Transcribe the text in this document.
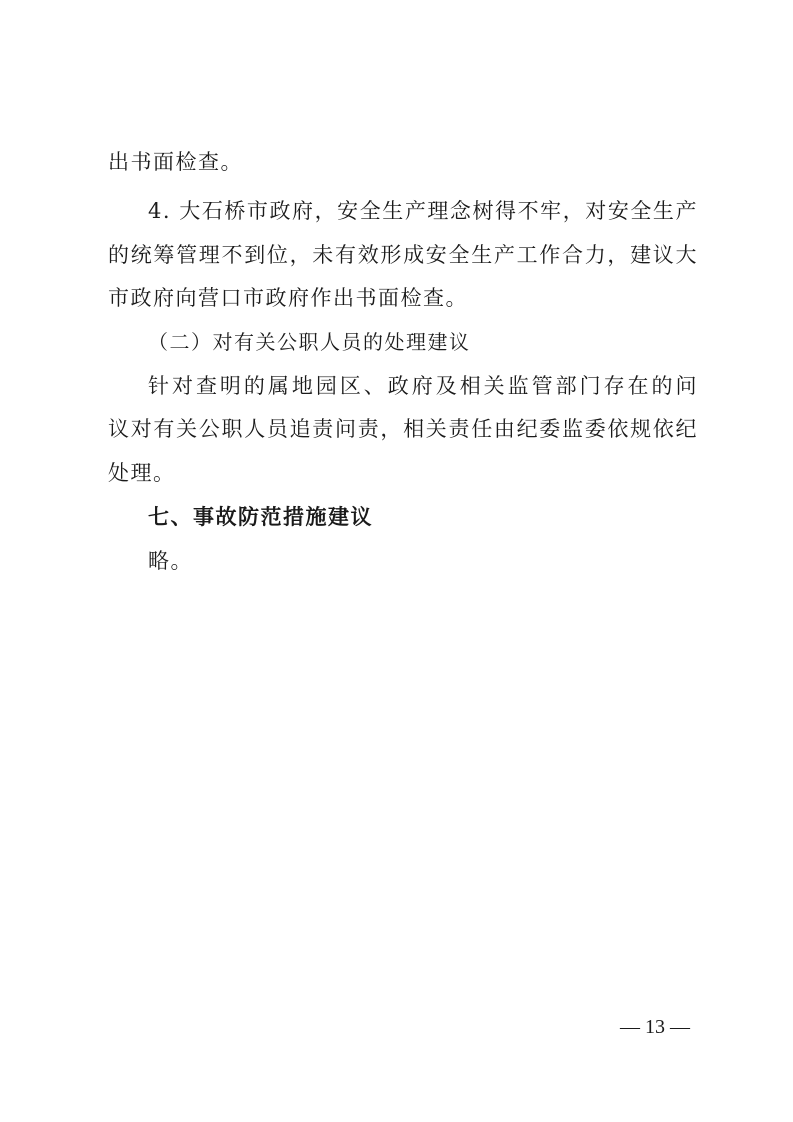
出书面检查。
4. 大石桥市政府，安全生产理念树得不牢，对安全生产
的统筹管理不到位，未有效形成安全生产工作合力，建议大
市政府向营口市政府作出书面检查。
（二）对有关公职人员的处理建议
针对查明的属地园区、政府及相关监管部门存在的问
议对有关公职人员追责问责，相关责任由纪委监委依规依纪
处理。
七、事故防范措施建议
略。
— 13 —
